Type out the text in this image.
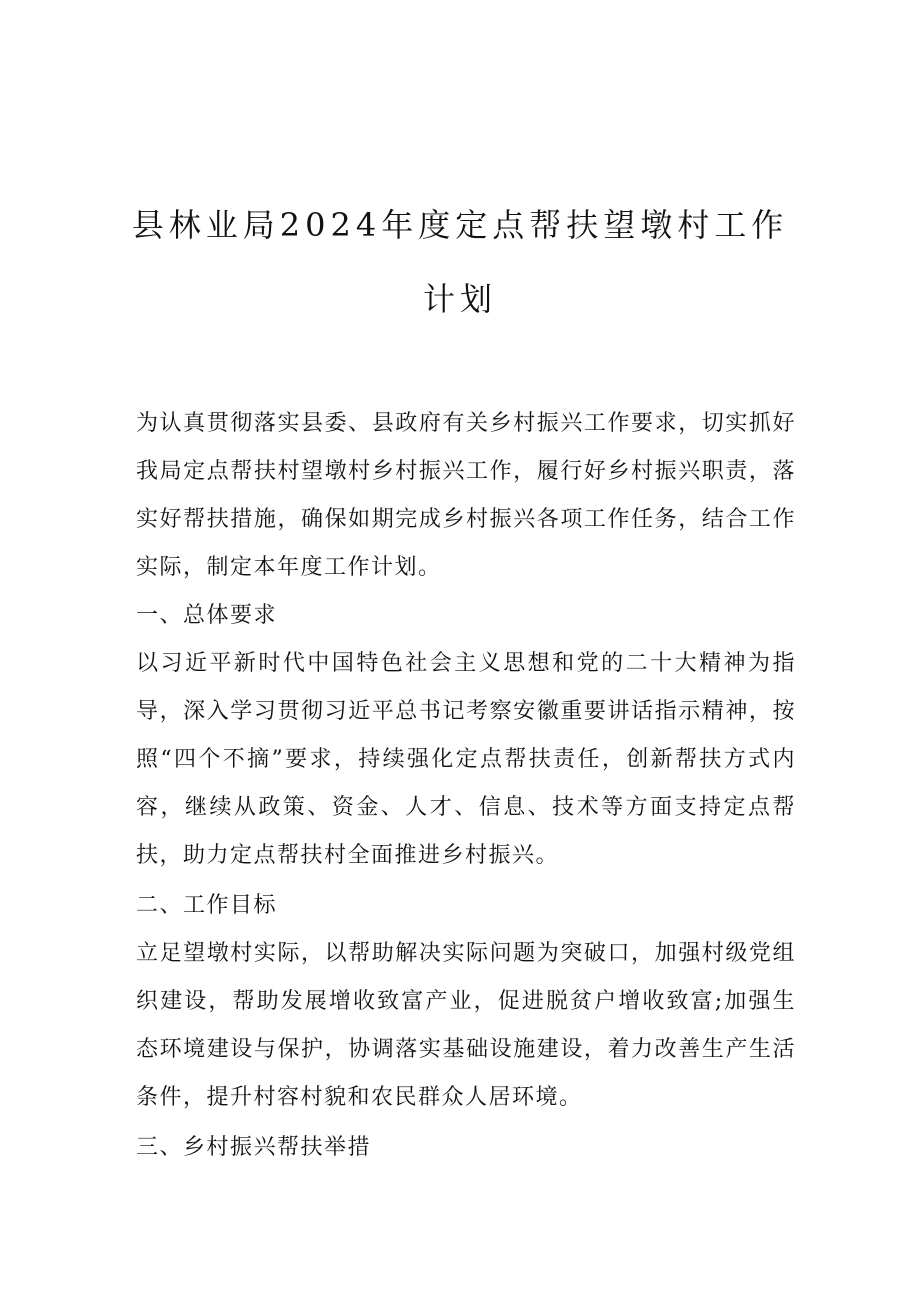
县林业局2024年度定点帮扶望墩村工作计划

为认真贯彻落实县委、县政府有关乡村振兴工作要求，切实抓好我局定点帮扶村望墩村乡村振兴工作，履行好乡村振兴职责，落实好帮扶措施，确保如期完成乡村振兴各项工作任务，结合工作实际，制定本年度工作计划。

一、总体要求

以习近平新时代中国特色社会主义思想和党的二十大精神为指导，深入学习贯彻习近平总书记考察安徽重要讲话指示精神，按照“四个不摘”要求，持续强化定点帮扶责任，创新帮扶方式内容，继续从政策、资金、人才、信息、技术等方面支持定点帮扶，助力定点帮扶村全面推进乡村振兴。

二、工作目标

立足望墩村实际，以帮助解决实际问题为突破口，加强村级党组织建设，帮助发展增收致富产业，促进脱贫户增收致富;加强生态环境建设与保护，协调落实基础设施建设，着力改善生产生活条件，提升村容村貌和农民群众人居环境。

三、乡村振兴帮扶举措
